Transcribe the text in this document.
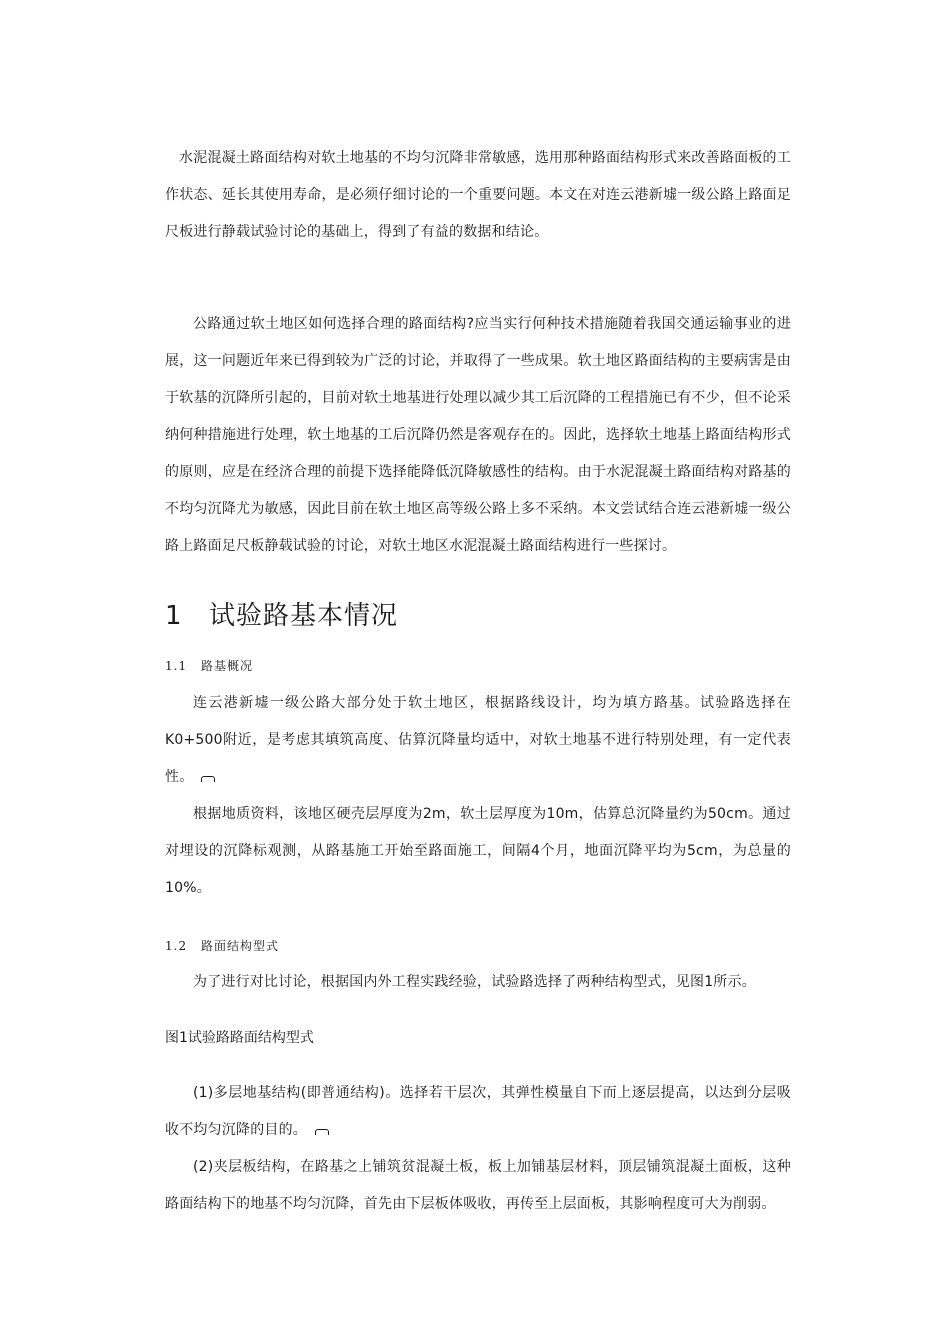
水泥混凝土路面结构对软土地基的不均匀沉降非常敏感，选用那种路面结构形式来改善路面板的工作状态、延长其使用寿命，是必须仔细讨论的一个重要问题。本文在对连云港新墟一级公路上路面足尺板进行静载试验讨论的基础上，得到了有益的数据和结论。

公路通过软土地区如何选择合理的路面结构?应当实行何种技术措施随着我国交通运输事业的进展，这一问题近年来已得到较为广泛的讨论，并取得了一些成果。软土地区路面结构的主要病害是由于软基的沉降所引起的，目前对软土地基进行处理以减少其工后沉降的工程措施已有不少，但不论采纳何种措施进行处理，软土地基的工后沉降仍然是客观存在的。因此，选择软土地基上路面结构形式的原则，应是在经济合理的前提下选择能降低沉降敏感性的结构。由于水泥混凝土路面结构对路基的不均匀沉降尤为敏感，因此目前在软土地区高等级公路上多不采纳。本文尝试结合连云港新墟一级公路上路面足尺板静载试验的讨论，对软土地区水泥混凝土路面结构进行一些探讨。

1 试验路基本情况
1.1 路基概况

连云港新墟一级公路大部分处于软土地区，根据路线设计，均为填方路基。试验路选择在K0+500附近，是考虑其填筑高度、估算沉降量均适中，对软土地基不进行特别处理，有一定代表性。

根据地质资料，该地区硬壳层厚度为2m，软土层厚度为10m，估算总沉降量约为50cm。通过对埋设的沉降标观测，从路基施工开始至路面施工，间隔4个月，地面沉降平均为5cm，为总量的10%。

1.2 路面结构型式

为了进行对比讨论，根据国内外工程实践经验，试验路选择了两种结构型式，见图1所示。

图1试验路路面结构型式

(1)多层地基结构(即普通结构)。选择若干层次，其弹性模量自下而上逐层提高，以达到分层吸收不均匀沉降的目的。

(2)夹层板结构，在路基之上铺筑贫混凝土板，板上加铺基层材料，顶层铺筑混凝土面板，这种路面结构下的地基不均匀沉降，首先由下层板体吸收，再传至上层面板，其影响程度可大为削弱。
